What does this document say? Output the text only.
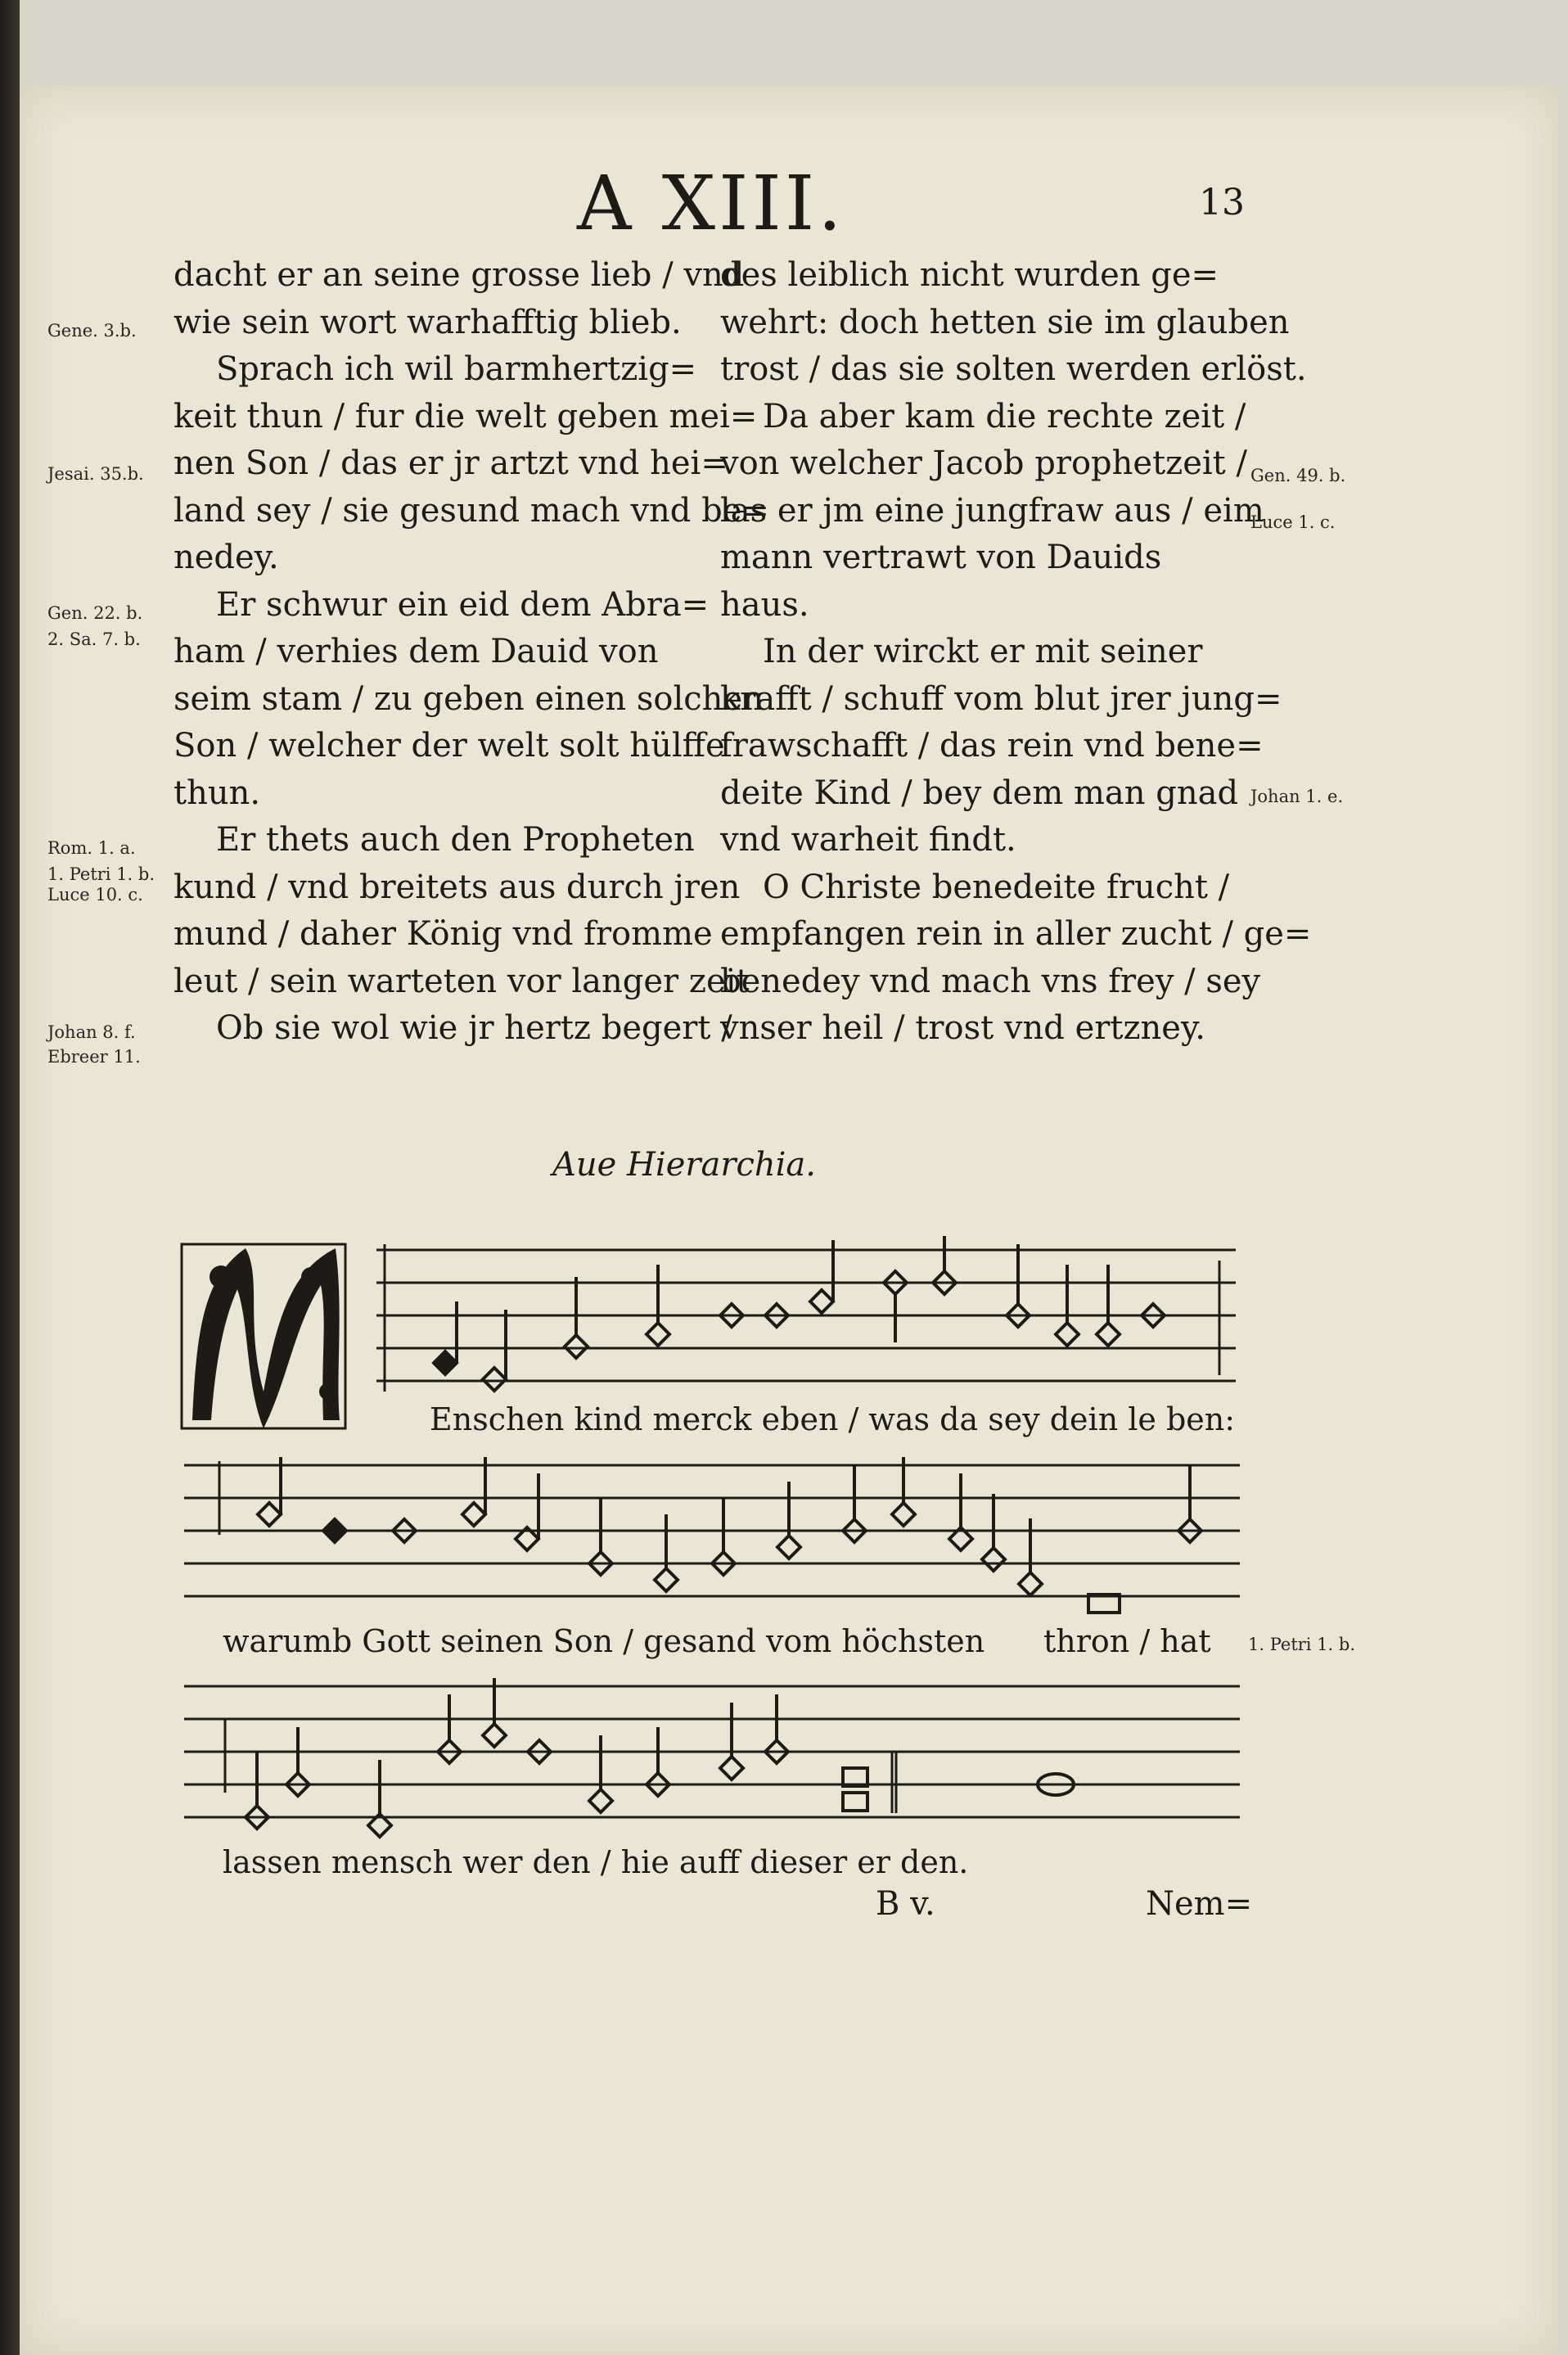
A XIII.	13
dacht er an seine grosse lieb / vnd
wie sein wort warhafftig blieb.
Sprach ich wil barmhertzig=
keit thun / fur die welt geben mei=
nen Son / das er jr artzt vnd hei=
land sey / sie gesund mach vnd be=
nedey.
Er schwur ein eid dem Abra=
ham / verhies dem Dauid von
seim stam / zu geben einen solchen
Son / welcher der welt solt hülffe
thun.
Er thets auch den Propheten
kund / vnd breitets aus durch jren
mund / daher König vnd fromme
leut / sein warteten vor langer zeit
Ob sie wol wie jr hertz begert /
des leiblich nicht wurden ge=
wehrt: doch hetten sie im glauben
trost / das sie solten werden erlöst.
Da aber kam die rechte zeit /
von welcher Jacob prophetzeit /
las er jm eine jungfraw aus / eim
mann vertrawt von Dauids
haus.
In der wirckt er mit seiner
krafft / schuff vom blut jrer jung=
frawschafft / das rein vnd bene=
deite Kind / bey dem man gnad
vnd warheit findt.
O Christe benedeite frucht /
empfangen rein in aller zucht / ge=
benedey vnd mach vns frey / sey
vnser heil / trost vnd ertzney.
Gene. 3.b.
Jesai. 35.b.
Gen. 22. b.
2. Sa. 7. b.
Rom. 1. a.
1. Petri 1. b.
Luce 10. c.
Johan 8. f.
Ebreer 11.
Gen. 49. b.
Luce 1. c.
Johan 1. e.
1. Petri 1. b.
Aue Hierarchia.
Enschen kind merck eben / was da sey dein le ben:
warumb Gott seinen Son / gesand vom höchsten thron / hat
lassen mensch wer den / hie auff dieser er den.
B v.	Nem=
